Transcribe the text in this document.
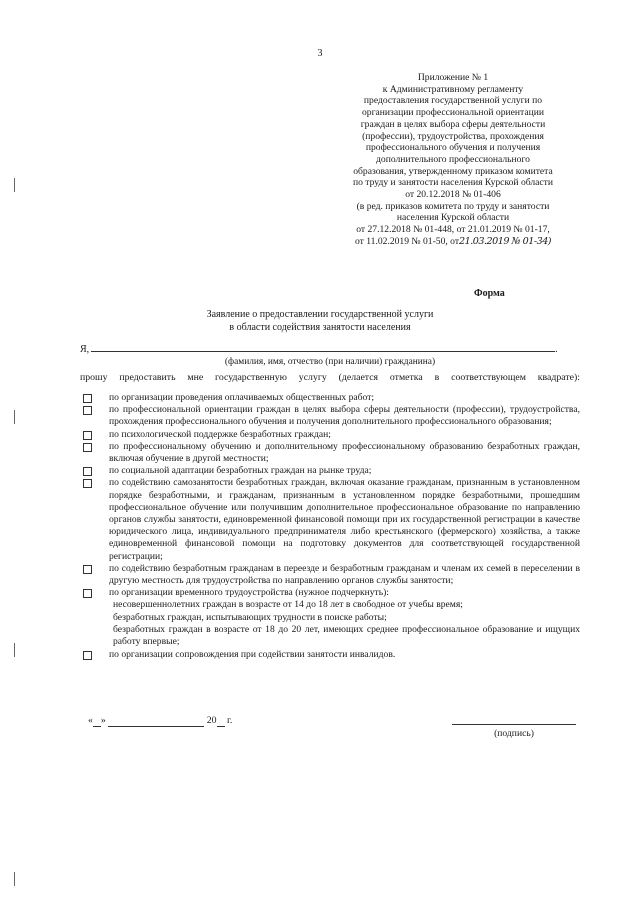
3
Приложение № 1
к Административному регламенту
предоставления государственной услуги по
организации профессиональной ориентации
граждан в целях выбора сферы деятельности
(профессии), трудоустройства, прохождения
профессионального обучения и получения
дополнительного профессионального
образования, утвержденному приказом комитета
по труду и занятости населения Курской области
от 20.12.2018 № 01-406
(в ред. приказов комитета по труду и занятости
населения Курской области
от 27.12.2018 № 01-448, от 21.01.2019 № 01-17,
от 11.02.2019 № 01-50, от21.03.2019 № 01-34)
Форма
Заявление о предоставлении государственной услуги
в области содействия занятости населения
Я,	.
(фамилия, имя, отчество (при наличии) гражданина)
прошу предоставить мне государственную услугу (делается отметка в соответствующем квадрате):

по организации проведения оплачиваемых общественных работ;

по профессиональной ориентации граждан в целях выбора сферы деятельности (профессии), трудоустройства, прохождения профессионального обучения и получения дополнительного профессионального образования;

по психологической поддержке безработных граждан;

по профессиональному обучению и дополнительному профессиональному образованию безработных граждан, включая обучение в другой местности;

по социальной адаптации безработных граждан на рынке труда;

по содействию самозанятости безработных граждан, включая оказание гражданам, признанным в установленном порядке безработными, и гражданам, признанным в установленном порядке безработными, прошедшим профессиональное обучение или получившим дополнительное профессиональное образование по направлению органов службы занятости, единовременной финансовой помощи при их государственной регистрации в качестве юридического лица, индивидуального предпринимателя либо крестьянского (фермерского) хозяйства, а также единовременной финансовой помощи на подготовку документов для соответствующей государственной регистрации;

по содействию безработным гражданам в переезде и безработным гражданам и членам их семей в переселении в другую местность для трудоустройства по направлению органов службы занятости;

по организации временного трудоустройства (нужное подчеркнуть):

несовершеннолетних граждан в возрасте от 14 до 18 лет в свободное от учебы время;
безработных граждан, испытывающих трудности в поиске работы;
безработных граждан в возрасте от 18 до 20 лет, имеющих среднее профессиональное образование и ищущих работу впервые;

по организации сопровождения при содействии занятости инвалидов.

« »	20 г.
(подпись)
